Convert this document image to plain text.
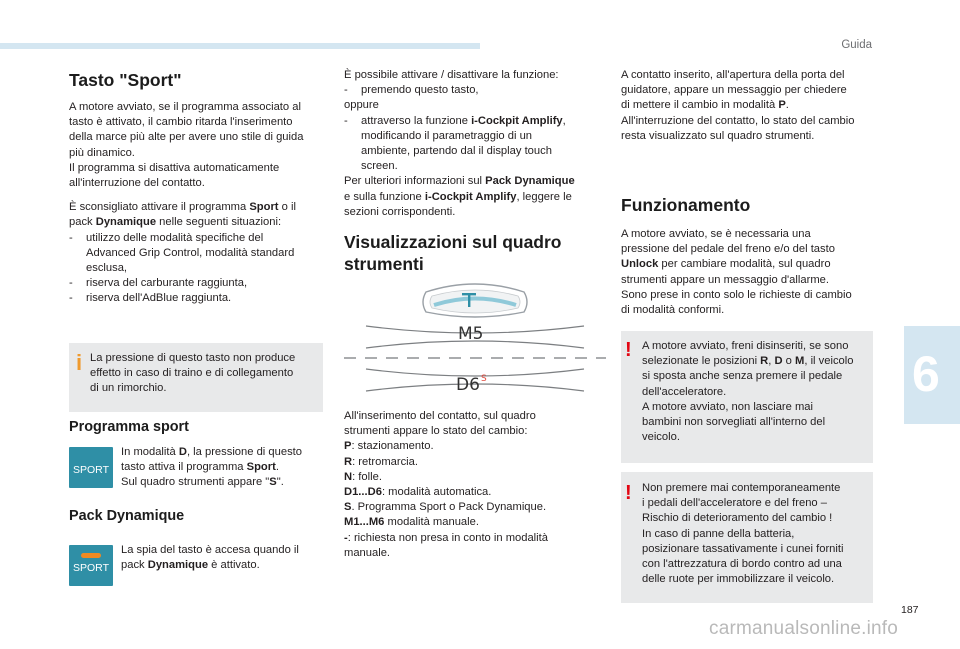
Guida
6

Tasto "Sport"

A motore avviato, se il programma associato al

tasto è attivato, il cambio ritarda l'inserimento

della marce più alte per avere uno stile di guida

più dinamico.

Il programma si disattiva automaticamente

all'interruzione del contatto.

È sconsigliato attivare il programma Sport o il

pack Dynamique nelle seguenti situazioni:

- utilizzo delle modalità specifiche del

Advanced Grip Control, modalità standard

esclusa,

- riserva del carburante raggiunta,

- riserva dell'AdBlue raggiunta.

i La pressione di questo tasto non produce

effetto in caso di traino e di collegamento

di un rimorchio.

Programma sport

SPORT

In modalità D, la pressione di questo

tasto attiva il programma Sport.

Sul quadro strumenti appare "S".

Pack Dynamique

SPORT

La spia del tasto è accesa quando il

pack Dynamique è attivato.

È possibile attivare / disattivare la funzione:

- premendo questo tasto,

oppure

- attraverso la funzione i-Cockpit Amplify,

modificando il parametraggio di un

ambiente, partendo dal il display touch

screen.

Per ulteriori informazioni sul Pack Dynamique

e sulla funzione i-Cockpit Amplify, leggere le

sezioni corrispondenti.

Visualizzazioni sul quadro

strumenti

M5
D6 S

All'inserimento del contatto, sul quadro

strumenti appare lo stato del cambio:

P: stazionamento.

R: retromarcia.

N: folle.

D1...D6: modalità automatica.

S. Programma Sport o Pack Dynamique.

M1...M6 modalità manuale.

-: richiesta non presa in conto in modalità

manuale.

A contatto inserito, all'apertura della porta del

guidatore, appare un messaggio per chiedere

di mettere il cambio in modalità P.

All'interruzione del contatto, lo stato del cambio

resta visualizzato sul quadro strumenti.

Funzionamento

A motore avviato, se è necessaria una

pressione del pedale del freno e/o del tasto

Unlock per cambiare modalità, sul quadro

strumenti appare un messaggio d'allarme.

Sono prese in conto solo le richieste di cambio

di modalità conformi.

! A motore avviato, freni disinseriti, se sono

selezionate le posizioni R, D o M, il veicolo

si sposta anche senza premere il pedale

dell'acceleratore.

A motore avviato, non lasciare mai

bambini non sorvegliati all'interno del

veicolo.

! Non premere mai contemporaneamente

i pedali dell'acceleratore e del freno –

Rischio di deterioramento del cambio !

In caso di panne della batteria,

posizionare tassativamente i cunei forniti

con l'attrezzatura di bordo contro ad una

delle ruote per immobilizzare il veicolo.

187
carmanualsonline.info
